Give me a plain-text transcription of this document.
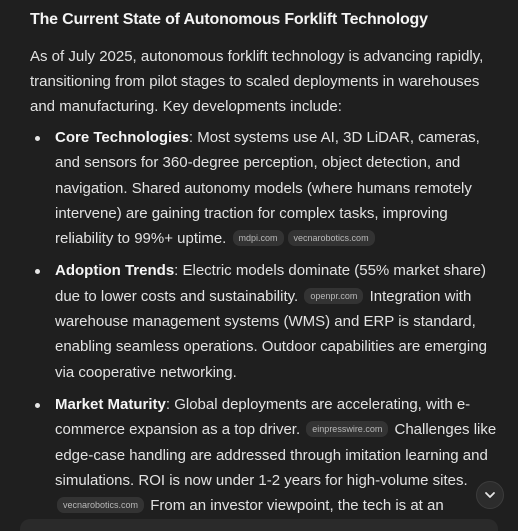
The Current State of Autonomous Forklift Technology

As of July 2025, autonomous forklift technology is advancing rapidly, transitioning from pilot stages to scaled deployments in warehouses and manufacturing. Key developments include:

Core Technologies: Most systems use AI, 3D LiDAR, cameras, and sensors for 360-degree perception, object detection, and navigation. Shared autonomy models (where humans remotely intervene) are gaining traction for complex tasks, improving reliability to 99%+ uptime. mdpi.com vecnarobotics.com
Adoption Trends: Electric models dominate (55% market share) due to lower costs and sustainability. openpr.com Integration with warehouse management systems (WMS) and ERP is standard, enabling seamless operations. Outdoor capabilities are emerging via cooperative networking.
Market Maturity: Global deployments are accelerating, with e-commerce expansion as a top driver. einpresswire.com Challenges like edge-case handling are addressed through imitation learning and simulations. ROI is now under 1-2 years for high-volume sites. vecnarobotics.com From an investor viewpoint, the tech is at an
